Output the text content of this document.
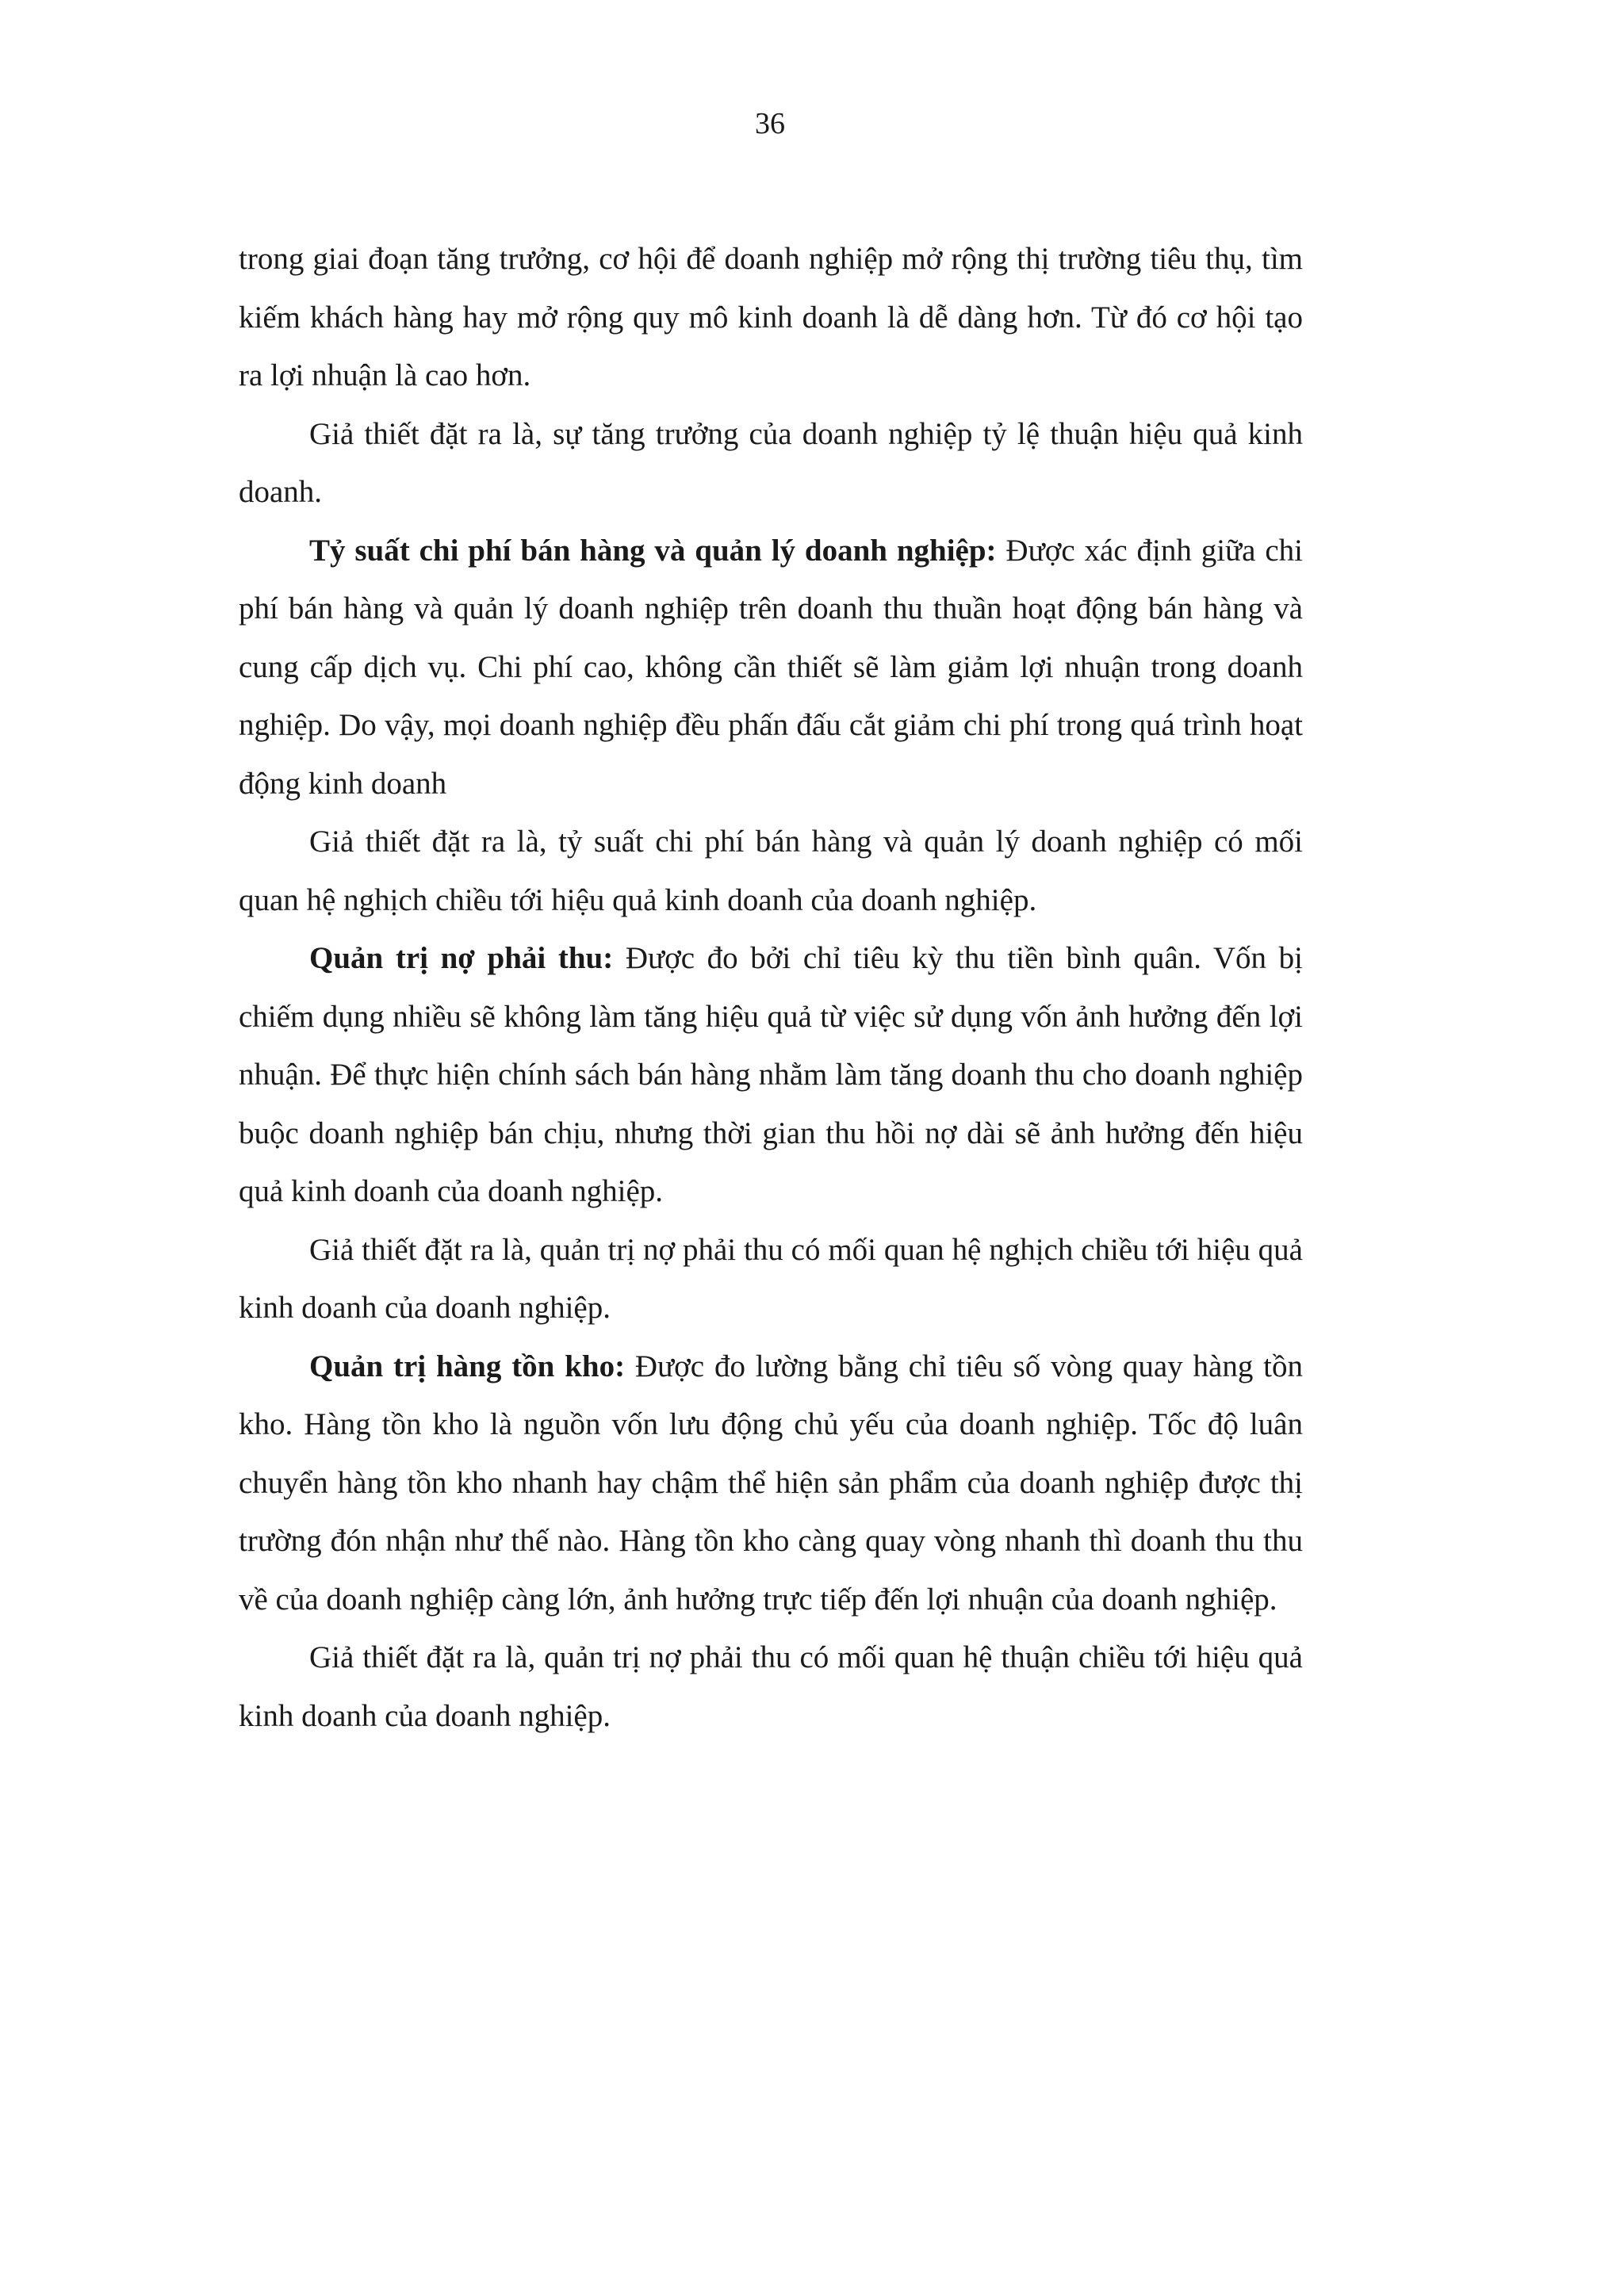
36

trong giai đoạn tăng trưởng, cơ hội để doanh nghiệp mở rộng thị trường tiêu thụ, tìm kiếm khách hàng hay mở rộng quy mô kinh doanh là dễ dàng hơn. Từ đó cơ hội tạo ra lợi nhuận là cao hơn.

Giả thiết đặt ra là, sự tăng trưởng của doanh nghiệp tỷ lệ thuận hiệu quả kinh doanh.

Tỷ suất chi phí bán hàng và quản lý doanh nghiệp: Được xác định giữa chi phí bán hàng và quản lý doanh nghiệp trên doanh thu thuần hoạt động bán hàng và cung cấp dịch vụ. Chi phí cao, không cần thiết sẽ làm giảm lợi nhuận trong doanh nghiệp. Do vậy, mọi doanh nghiệp đều phấn đấu cắt giảm chi phí trong quá trình hoạt động kinh doanh

Giả thiết đặt ra là, tỷ suất chi phí bán hàng và quản lý doanh nghiệp có mối quan hệ nghịch chiều tới hiệu quả kinh doanh của doanh nghiệp.

Quản trị nợ phải thu: Được đo bởi chỉ tiêu kỳ thu tiền bình quân. Vốn bị chiếm dụng nhiều sẽ không làm tăng hiệu quả từ việc sử dụng vốn ảnh hưởng đến lợi nhuận. Để thực hiện chính sách bán hàng nhằm làm tăng doanh thu cho doanh nghiệp buộc doanh nghiệp bán chịu, nhưng thời gian thu hồi nợ dài sẽ ảnh hưởng đến hiệu quả kinh doanh của doanh nghiệp.

Giả thiết đặt ra là, quản trị nợ phải thu có mối quan hệ nghịch chiều tới hiệu quả kinh doanh của doanh nghiệp.

Quản trị hàng tồn kho: Được đo lường bằng chỉ tiêu số vòng quay hàng tồn kho. Hàng tồn kho là nguồn vốn lưu động chủ yếu của doanh nghiệp. Tốc độ luân chuyển hàng tồn kho nhanh hay chậm thể hiện sản phẩm của doanh nghiệp được thị trường đón nhận như thế nào. Hàng tồn kho càng quay vòng nhanh thì doanh thu thu về của doanh nghiệp càng lớn, ảnh hưởng trực tiếp đến lợi nhuận của doanh nghiệp.

Giả thiết đặt ra là, quản trị nợ phải thu có mối quan hệ thuận chiều tới hiệu quả kinh doanh của doanh nghiệp.
